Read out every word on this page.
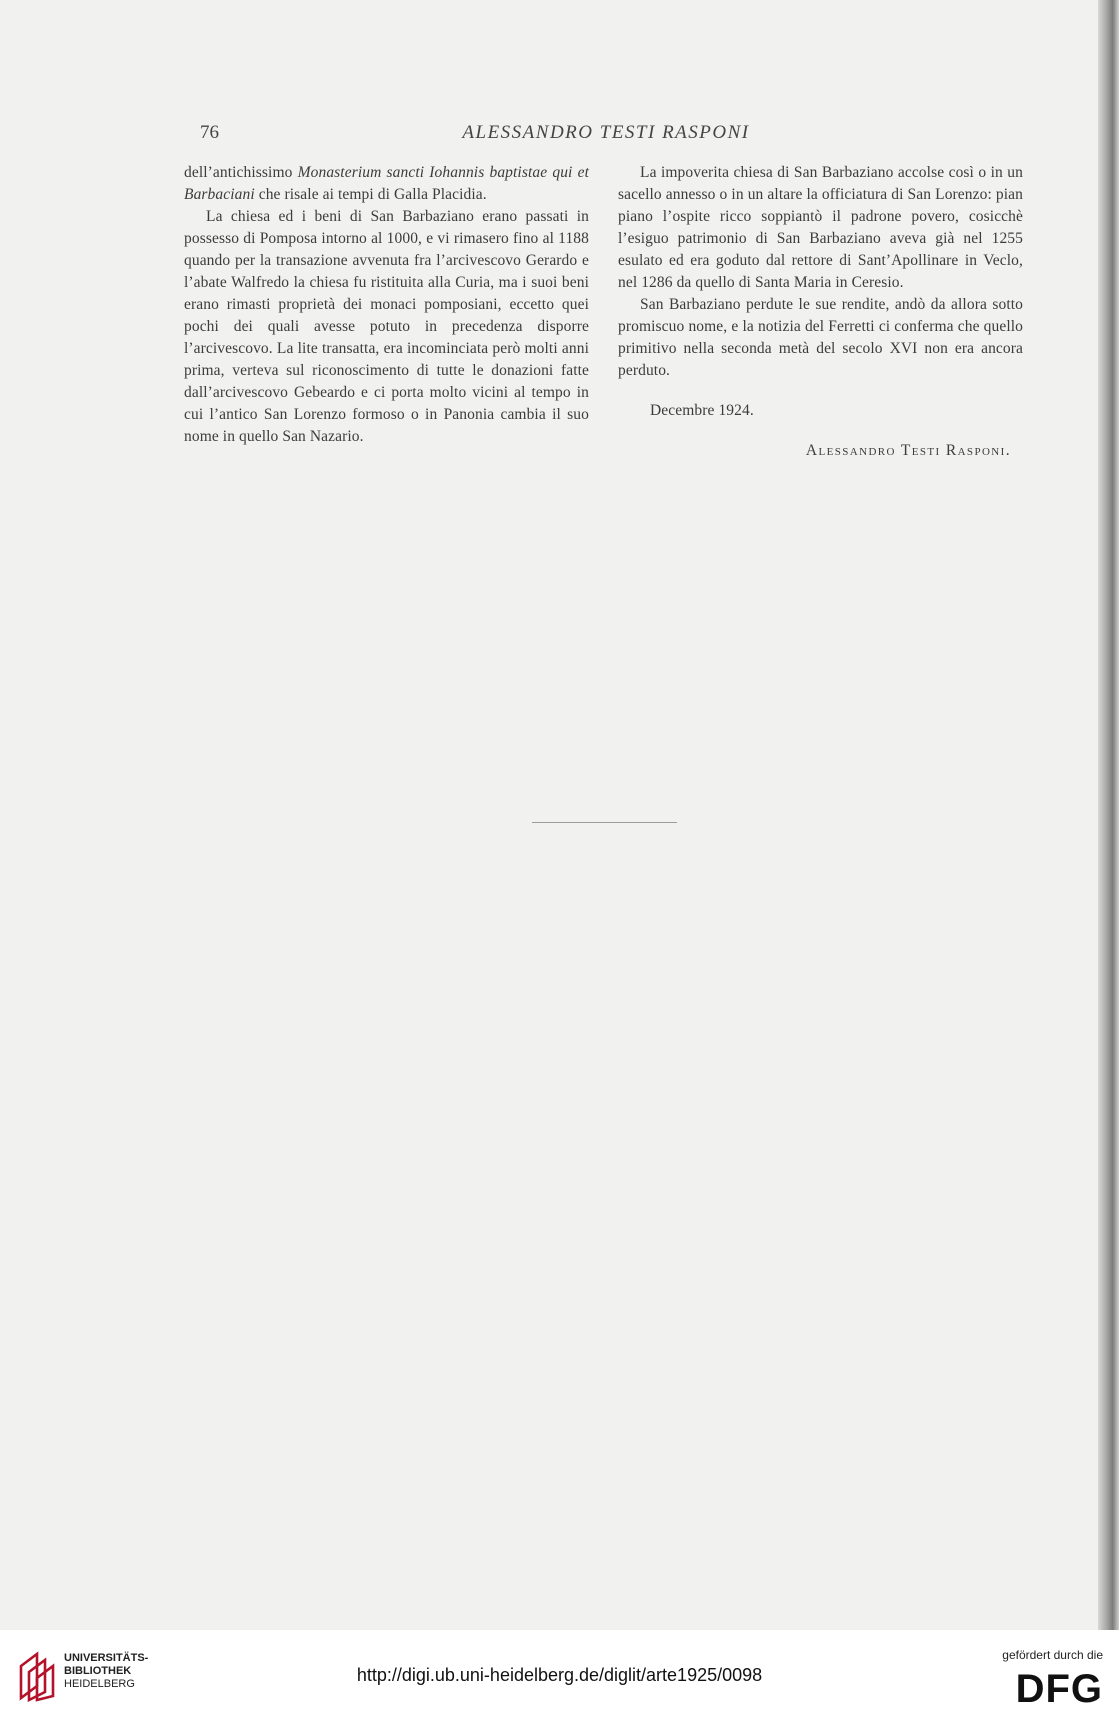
76	ALESSANDRO TESTI RASPONI

dell’antichissimo Monasterium sancti Iohannis baptistae qui et Barbaciani che risale ai tempi di Galla Placidia.

La chiesa ed i beni di San Barbaziano erano passati in possesso di Pomposa intorno al 1000, e vi rimasero fino al 1188 quando per la transazione avvenuta fra l’arcivescovo Gerardo e l’abate Walfredo la chiesa fu ristituita alla Curia, ma i suoi beni erano rimasti proprietà dei monaci pomposiani, eccetto quei pochi dei quali avesse potuto in precedenza disporre l’arcivescovo. La lite transatta, era incominciata però molti anni prima, verteva sul riconoscimento di tutte le donazioni fatte dall’arcivescovo Gebeardo e ci porta molto vicini al tempo in cui l’antico San Lorenzo formoso o in Panonia cambia il suo nome in quello San Nazario.

La impoverita chiesa di San Barbaziano accolse così o in un sacello annesso o in un altare la officiatura di San Lorenzo: pian piano l’ospite ricco soppiantò il padrone povero, cosicchè l’esiguo patrimonio di San Barbaziano aveva già nel 1255 esulato ed era goduto dal rettore di Sant’Apollinare in Veclo, nel 1286 da quello di Santa Maria in Ceresio.

San Barbaziano perdute le sue rendite, andò da allora sotto promiscuo nome, e la notizia del Ferretti ci conferma che quello primitivo nella seconda metà del secolo XVI non era ancora perduto.

Decembre 1924.

Alessandro Testi Rasponi.

UNIVERSITÄTS-
BIBLIOTHEK
HEIDELBERG	http://digi.ub.uni-heidelberg.de/diglit/arte1925/0098
gefördert durch die
DFG
